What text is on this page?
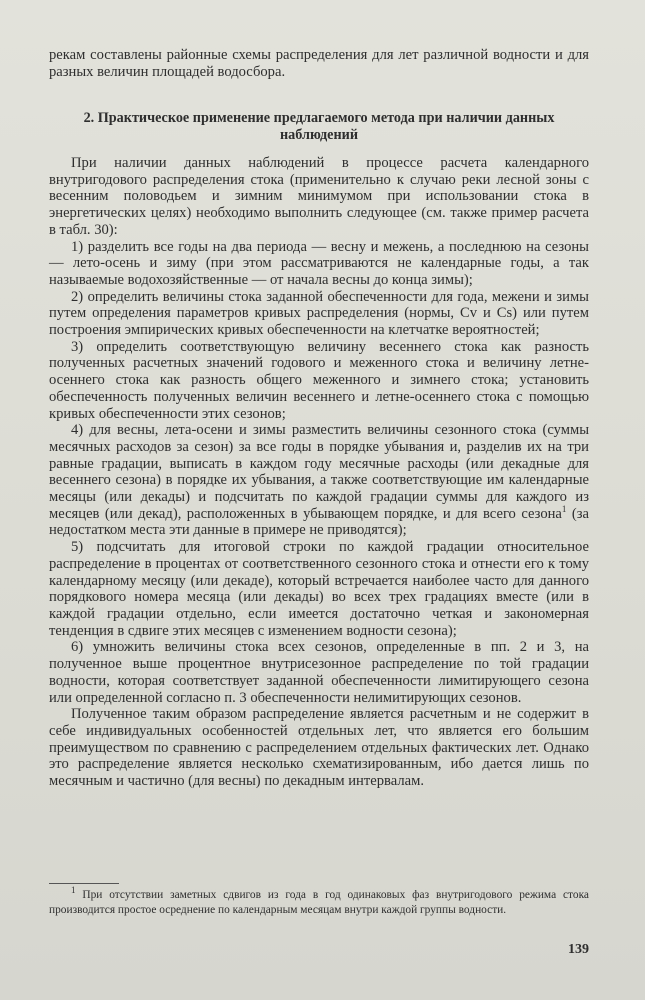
рекам составлены районные схемы распределения для лет различной водности и для разных величин площадей водосбора.

2. Практическое применение предлагаемого метода при наличии данных наблюдений

При наличии данных наблюдений в процессе расчета календарного внутригодового распределения стока (применительно к случаю реки лесной зоны с весенним половодьем и зимним минимумом при использовании стока в энергетических целях) необходимо выполнить следующее (см. также пример расчета в табл. 30):

1) разделить все годы на два периода — весну и межень, а последнюю на сезоны — лето-осень и зиму (при этом рассматриваются не календарные годы, а так называемые водохозяйственные — от начала весны до конца зимы);

2) определить величины стока заданной обеспеченности для года, межени и зимы путем определения параметров кривых распределения (нормы, Cv и Cs) или путем построения эмпирических кривых обеспеченности на клетчатке вероятностей;

3) определить соответствующую величину весеннего стока как разность полученных расчетных значений годового и меженного стока и величину летне-осеннего стока как разность общего меженного и зимнего стока; установить обеспеченность полученных величин весеннего и летне-осеннего стока с помощью кривых обеспеченности этих сезонов;

4) для весны, лета-осени и зимы разместить величины сезонного стока (суммы месячных расходов за сезон) за все годы в порядке убывания и, разделив их на три равные градации, выписать в каждом году месячные расходы (или декадные для весеннего сезона) в порядке их убывания, а также соответствующие им календарные месяцы (или декады) и подсчитать по каждой градации суммы для каждого из месяцев (или декад), расположенных в убывающем порядке, и для всего сезона$^1$ (за недостатком места эти данные в примере не приводятся);

5) подсчитать для итоговой строки по каждой градации относительное распределение в процентах от соответственного сезонного стока и отнести его к тому календарному месяцу (или декаде), который встречается наиболее часто для данного порядкового номера месяца (или декады) во всех трех градациях вместе (или в каждой градации отдельно, если имеется достаточно четкая и закономерная тенденция в сдвиге этих месяцев с изменением водности сезона);

6) умножить величины стока всех сезонов, определенные в пп. 2 и 3, на полученное выше процентное внутрисезонное распределение по той градации водности, которая соответствует заданной обеспеченности лимитирующего сезона или определенной согласно п. 3 обеспеченности нелимитирующих сезонов.

Полученное таким образом распределение является расчетным и не содержит в себе индивидуальных особенностей отдельных лет, что является его большим преимуществом по сравнению с распределением отдельных фактических лет. Однако это распределение является несколько схематизированным, ибо дается лишь по месячным и частично (для весны) по декадным интервалам.

$^1$ При отсутствии заметных сдвигов из года в год одинаковых фаз внутригодового режима стока производится простое осреднение по календарным месяцам внутри каждой группы водности.

139
